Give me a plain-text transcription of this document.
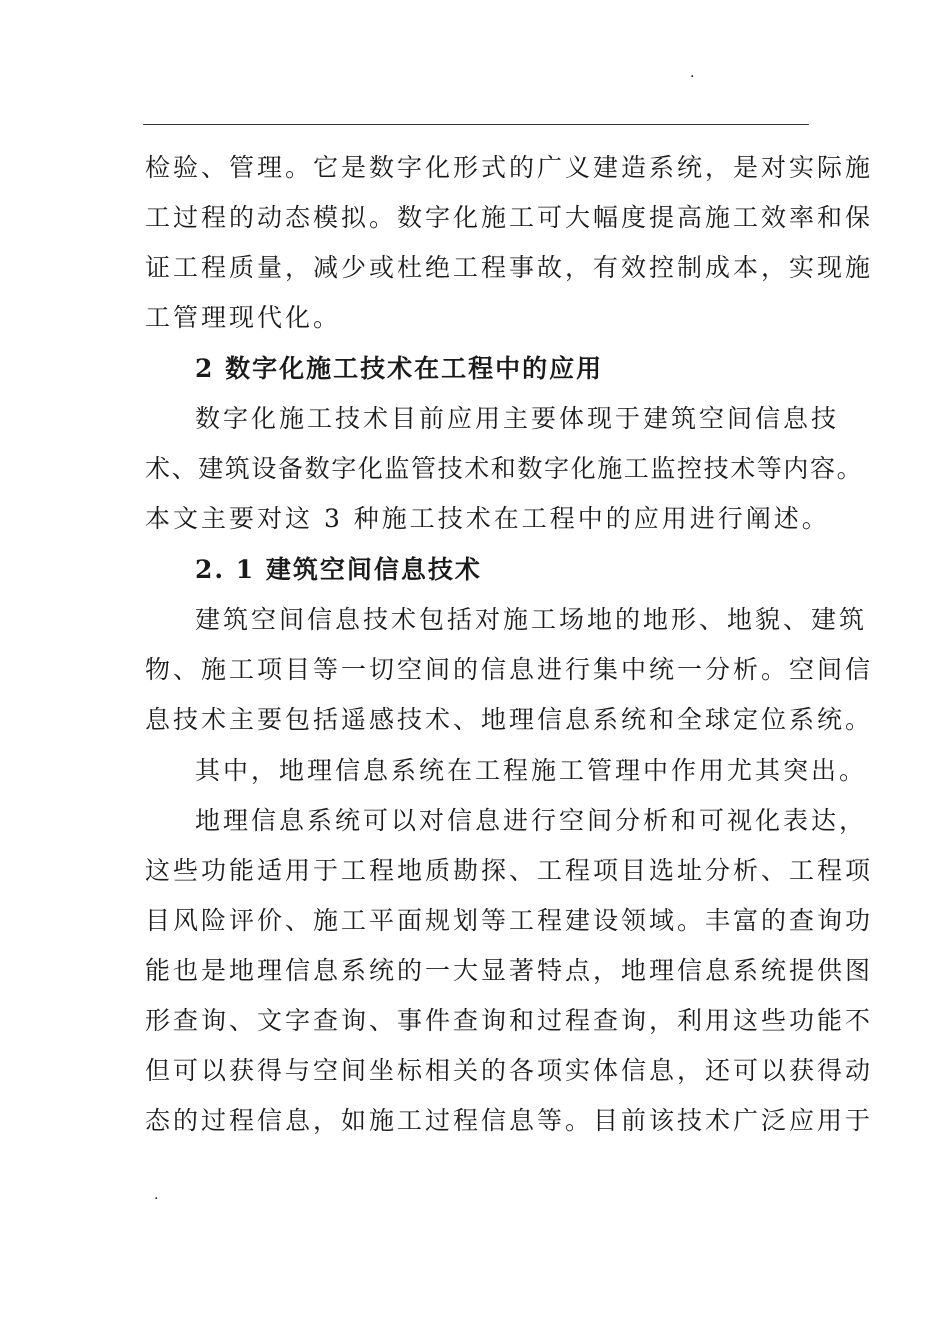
.
检验、管理。它是数字化形式的广义建造系统，是对实际施
工过程的动态模拟。数字化施工可大幅度提高施工效率和保
证工程质量，减少或杜绝工程事故，有效控制成本，实现施
工管理现代化。
2 数字化施工技术在工程中的应用
数字化施工技术目前应用主要体现于建筑空间信息技
术、建筑设备数字化监管技术和数字化施工监控技术等内容。
本文主要对这 3 种施工技术在工程中的应用进行阐述。
2. 1 建筑空间信息技术
建筑空间信息技术包括对施工场地的地形、地貌、建筑
物、施工项目等一切空间的信息进行集中统一分析。空间信
息技术主要包括遥感技术、地理信息系统和全球定位系统。
其中，地理信息系统在工程施工管理中作用尤其突出。
地理信息系统可以对信息进行空间分析和可视化表达，
这些功能适用于工程地质勘探、工程项目选址分析、工程项
目风险评价、施工平面规划等工程建设领域。丰富的查询功
能也是地理信息系统的一大显著特点，地理信息系统提供图
形查询、文字查询、事件查询和过程查询，利用这些功能不
但可以获得与空间坐标相关的各项实体信息，还可以获得动
态的过程信息，如施工过程信息等。目前该技术广泛应用于
.
